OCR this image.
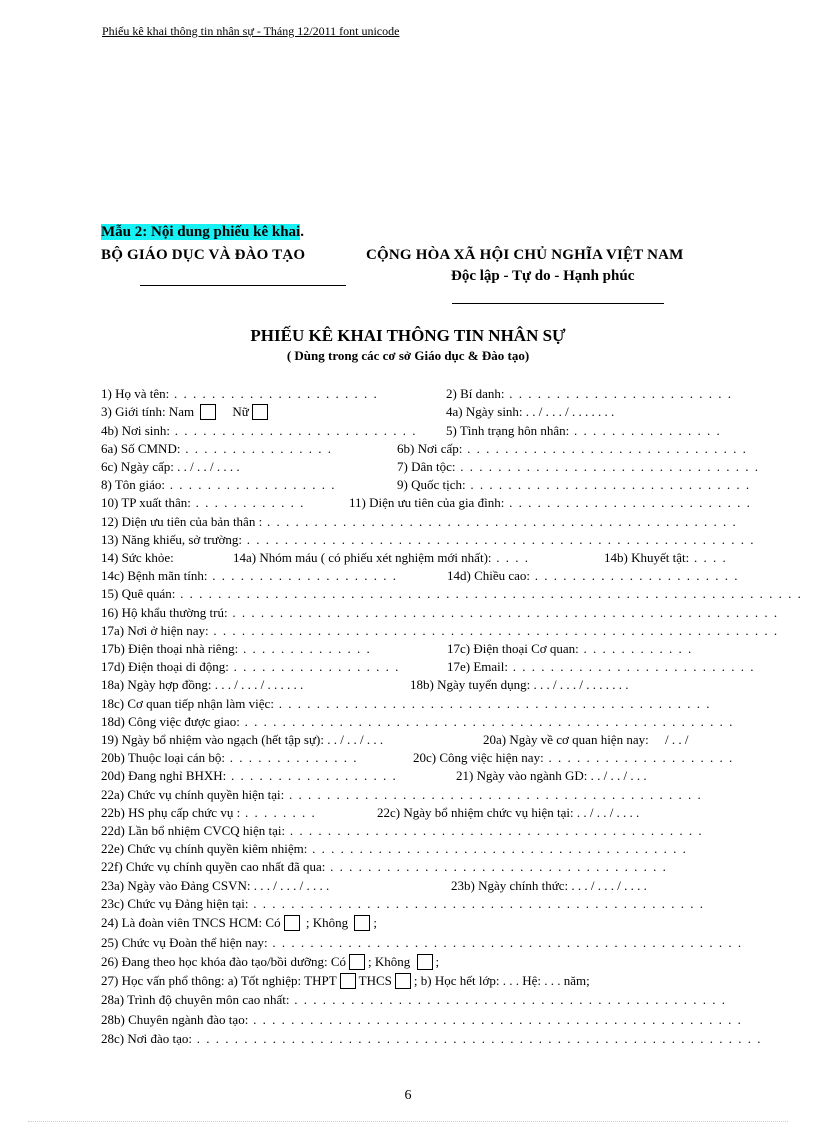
Phiếu kê khai thông tin nhân sự - Tháng 12/2011 font unicode
Mẫu 2: Nội dung phiếu kê khai.
BỘ GIÁO DỤC VÀ ĐÀO TẠO	CỘNG HÒA XÃ HỘI CHỦ NGHĨA VIỆT NAM
Độc lập - Tự do - Hạnh phúc
PHIẾU KÊ KHAI THÔNG TIN NHÂN SỰ
( Dùng trong các cơ sở Giáo dục & Đào tạo)
1) Họ và tên: . . . . . . . . . . . . . . . . . . . . . .	2) Bí danh: . . . . . . . . . . . . . . . . . . . . . . . .
3) Giới tính: Nam	Nữ	4a) Ngày sinh: . . / . . . / . . . . . . .
4b) Nơi sinh: . . . . . . . . . . . . . . . . . . . . . . . . . . 5) Tình trạng hôn nhân: . . . . . . . . . . . . . . . .
6a) Số CMND: . . . . . . . . . . . . . . . .	6b) Nơi cấp: . . . . . . . . . . . . . . . . . . . . . . . . . . . . . .
6c) Ngày cấp: . . / . . / . . . .	7) Dân tộc: . . . . . . . . . . . . . . . . . . . . . . . . . . . . . . . .
8) Tôn giáo: . . . . . . . . . . . . . . . . . .	9) Quốc tịch: . . . . . . . . . . . . . . . . . . . . . . . . . . . . . .
10) TP xuất thân: . . . . . . . . . . . .	11) Diện ưu tiên của gia đình: . . . . . . . . . . . . . . . . . . . . . . . . . .
12) Diện ưu tiên của bản thân : . . . . . . . . . . . . . . . . . . . . . . . . . . . . . . . . . . . . . . . . . . . . . . . . . .
13) Năng khiếu, sở trường: . . . . . . . . . . . . . . . . . . . . . . . . . . . . . . . . . . . . . . . . . . . . . . . . . . . . . .
14) Sức khỏe:	14a) Nhóm máu ( có phiếu xét nghiệm mới nhất): . . . .	14b) Khuyết tật: . . . .
14c) Bệnh mãn tính: . . . . . . . . . . . . . . . . . . . .	14d) Chiều cao: . . . . . . . . . . . . . . . . . . . . . .
15) Quê quán: . . . . . . . . . . . . . . . . . . . . . . . . . . . . . . . . . . . . . . . . . . . . . . . . . . . . . . . . . . . . . . . . . .
16) Hộ khẩu thường trú: . . . . . . . . . . . . . . . . . . . . . . . . . . . . . . . . . . . . . . . . . . . . . . . . . . . . . . . . . .
17a) Nơi ở hiện nay: . . . . . . . . . . . . . . . . . . . . . . . . . . . . . . . . . . . . . . . . . . . . . . . . . . . . . . . . . . . .
17b) Điện thoại nhà riêng: . . . . . . . . . . . . . .	17c) Điện thoại Cơ quan: . . . . . . . . . . . .
17d) Điện thoại di động: . . . . . . . . . . . . . . . . . .	17e) Email: . . . . . . . . . . . . . . . . . . . . . . . . . .
18a) Ngày hợp đồng: . . . / . . . / . . . . . .	18b) Ngày tuyển dụng: . . . / . . . / . . . . . . .
18c) Cơ quan tiếp nhận làm việc: . . . . . . . . . . . . . . . . . . . . . . . . . . . . . . . . . . . . . . . . . . . . . .
18d) Công việc được giao: . . . . . . . . . . . . . . . . . . . . . . . . . . . . . . . . . . . . . . . . . . . . . . . . . . . .
19) Ngày bổ nhiệm vào ngạch (hết tập sự): . . / . . / . . .	20a) Ngày về cơ quan hiện nay: / . . /
20b) Thuộc loại cán bộ: . . . . . . . . . . . . . .	20c) Công việc hiện nay: . . . . . . . . . . . . . . . . . . . .
20d) Đang nghỉ BHXH: . . . . . . . . . . . . . . . . . .	21) Ngày vào ngành GD: . . / . . / . . .
22a) Chức vụ chính quyền hiện tại: . . . . . . . . . . . . . . . . . . . . . . . . . . . . . . . . . . . . . . . . . . . .
22b) HS phụ cấp chức vụ : . . . . . . . .	22c) Ngày bổ nhiệm chức vụ hiện tại: . . / . . / . . . .
22d) Lần bổ nhiệm CVCQ hiện tại: . . . . . . . . . . . . . . . . . . . . . . . . . . . . . . . . . . . . . . . . . . . .
22e) Chức vụ chính quyền kiêm nhiệm: . . . . . . . . . . . . . . . . . . . . . . . . . . . . . . . . . . . . . . . .
22f) Chức vụ chính quyền cao nhất đã qua: . . . . . . . . . . . . . . . . . . . . . . . . . . . . . . . . . . . .
23a) Ngày vào Đảng CSVN: . . . / . . . / . . . .	23b) Ngày chính thức: . . . / . . . / . . . .
23c) Chức vụ Đảng hiện tại: . . . . . . . . . . . . . . . . . . . . . . . . . . . . . . . . . . . . . . . . . . . . . . . .
24) Là đoàn viên TNCS HCM: Có ; Không ;
25) Chức vụ Đoàn thể hiện nay: . . . . . . . . . . . . . . . . . . . . . . . . . . . . . . . . . . . . . . . . . . . . . . . . . .
26) Đang theo học khóa đào tạo/bồi dưỡng: Có ; Không ;
27) Học vấn phổ thông: a) Tốt nghiệp: THPT THCS ; b) Học hết lớp: . . . Hệ: . . . năm;
28a) Trình độ chuyên môn cao nhất: . . . . . . . . . . . . . . . . . . . . . . . . . . . . . . . . . . . . . . . . . . . . . .
28b) Chuyên ngành đào tạo: . . . . . . . . . . . . . . . . . . . . . . . . . . . . . . . . . . . . . . . . . . . . . . . . . . . .
28c) Nơi đào tạo: . . . . . . . . . . . . . . . . . . . . . . . . . . . . . . . . . . . . . . . . . . . . . . . . . . . . . . . . . . . .
6
